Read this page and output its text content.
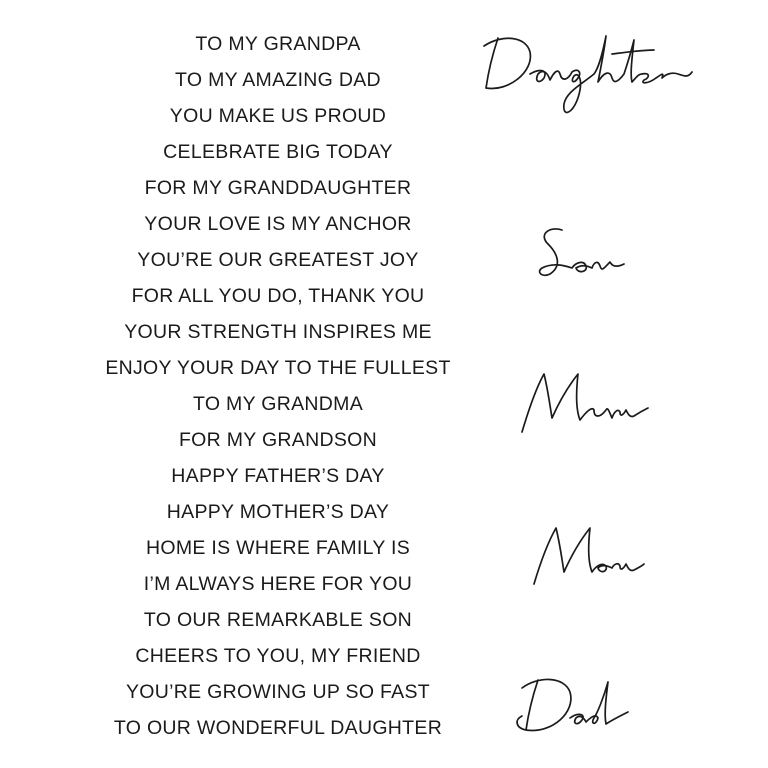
TO MY GRANDPA
TO MY AMAZING DAD
YOU MAKE US PROUD
CELEBRATE BIG TODAY
FOR MY GRANDDAUGHTER
YOUR LOVE IS MY ANCHOR
YOU’RE OUR GREATEST JOY
FOR ALL YOU DO, THANK YOU
YOUR STRENGTH INSPIRES ME
ENJOY YOUR DAY TO THE FULLEST
TO MY GRANDMA
FOR MY GRANDSON
HAPPY FATHER’S DAY
HAPPY MOTHER’S DAY
HOME IS WHERE FAMILY IS
I’M ALWAYS HERE FOR YOU
TO OUR REMARKABLE SON
CHEERS TO YOU, MY FRIEND
YOU’RE GROWING UP SO FAST
TO OUR WONDERFUL DAUGHTER
